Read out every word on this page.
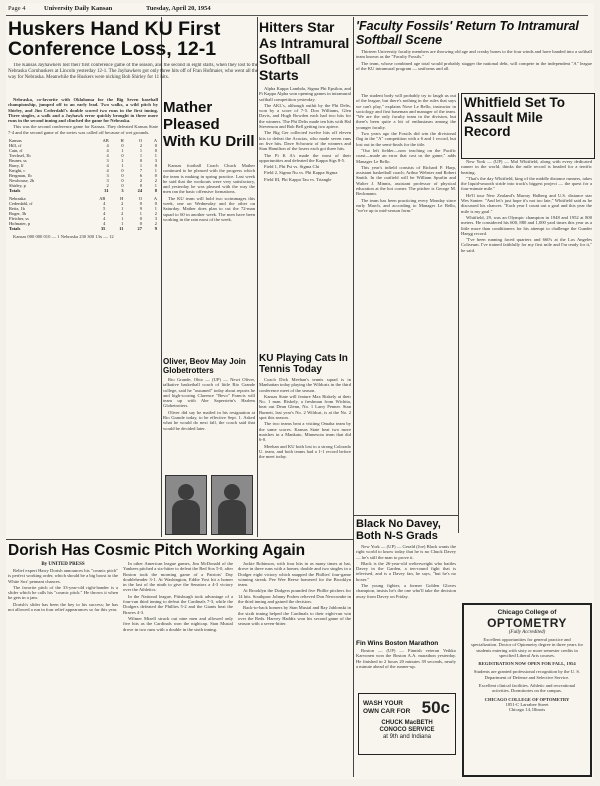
Page 4	University Daily Kansan	Tuesday, April 20, 1954
Huskers Hand KU First Conference Loss, 12-1

The Kansas Jayhawkers lost their first conference game of the season, and the second in eight starts, when they lost to the Nebraska Cornhuskers at Lincoln yesterday 12-1. The Jayhawkers got only three hits off of Fran Hofmaier, who went all the way for Nebraska. Meanwhile the Huskers were nicking Bob Shirley for 11 hits.

Nebraska, co-favorite with Oklahoma for the Big Seven baseball championship, jumped off to an early lead. Two walks, a wild pitch by Shirley, and Jim Cederdahl's double scored two runs in the first inning. Three singles, a walk and a Jayhawk error quickly brought in three more runs in the second inning and clinched the game for Nebraska.

This was the second conference game for Kansas. They defeated Kansas State 7-4 and the second game of the series was called off because of wet grounds.

Kansas	AB	H	O	A
Hill, cf	4	0	2	0
Cain, rf	4	1	1	0
Trechsel, 3b	4	0	1	1
Bruner, ss	3	1	0	3
Barry, lf	4	1	1	0
Knight, c	4	0	7	1
Bergman, 1b	3	0	6	0
Newhouse, 2b	3	0	2	2
Shirley, p	2	0	0	1
Totals	31	3	24	8
Nebraska	AB	H	O	A
Cederdahl, cf	4	2	0	0
Reitz, 1b	5	1	9	1
Boger, 3b	4	2	1	2
Fletcher, ss	4	1	0	3
Hofmaier, p	4	1	0	2
Totals	35	11	27	9

Kansas 000 000 010 — 1 Nebraska 230 300 13x — 12

Mather Pleased With KU Drill

Kansas football Coach Chuck Mather continued to be pleased with the progress which the team is making in spring practice. Last week he said that the workouts were very satisfactory, and yesterday he was pleased with the way the men ran the basic offensive formations.

The KU team will hold two scrimmages this week, one on Wednesday and the other on Saturday. Mather does plan to cut the 72-man squad to 60 in another week. The men have been working in the rain most of the week.

Oliver, Beov May Join Globetrotters

Rio Grande, Ohio — (UP) — Newt Oliver, talkative basketball coach of little Rio Grande college, said he "assumed" today about reports he and high-scoring Clarence "Bevo" Francis will team up with Abe Saperstein's Harlem Globetrotters.

Oliver did say he mailed in his resignation at Rio Grande today, to be effective Sept. 1. Asked what he would do next fall, the coach said that would be decided later.

Hitters Star As Intramural Softball Starts

Alpha Kappa Lambda, Sigma Phi Epsilon, and Pi Kappa Alpha won opening games in intramural softball competition yesterday.

The AKL's, although outhit by the Phi Delts, won by a score of 7-5. Don Williams, Glen Davis, and Hugh Bowden each had two hits for the winners. The Phi Delts made ten hits with Hal Stevenson and Bob Bell getting two apiece.

The Big Ger collected twelve hits off eleven hits to defeat the Acacias, who made seven runs on five hits. Dave Schwartz of the winners and Stan Hamilton of the losers each got three hits.

The Pi K A's made the most of their opportunities and defeated the Kappa Sigs 8-5.

Field 1, Phi Psi vs. Sigma Chi

Field 2, Sigma Nu vs. Phi Kappa Sigma

Field III, Phi Kappa Tau vs. Triangle

KU Playing Cats In Tennis Today

Coach Dick Meehan's tennis squad is in Manhattan today playing the Wildcats in the third conference meet of the season.

Kansas State will feature Max Riskely at their No. 1 man. Riskely, a freshman from Wichita, beat out Dean Glenn, No. 1 Larry Penner. Stan Burnett, last year's No. 2 Wildcat, is at the No. 2 spot this season.

The two teams beat a visiting Omaha team by the same scores. Kansas State beat two more matches in a Mankato, Minnesota team that did 6-0.

Meehan and KU both lost to a strong Colorado U. team, and both teams had a 1-1 record before the meet today.

'Faculty Fossils' Return To Intramural Softball Scene

Thirteen University faculty members are throwing old age and creaky bones to the four winds and have banded into a softball team known as the "Faculty Fossils."

The team, whose combined age total would probably stagger the national debt, will compete in the independent "A" league of the KU intramural program — uniforms and all.

The student body will probably try to laugh us out of the league, but there's nothing in the rules that says we can't play," explains Nove Le Bello, instructor in sociology and first baseman and manager of the team. "We are the only faculty team in the division, but there's been quite a bit of enthusiasm among the younger faculty.

Two years ago the Fossils did win the divisional flag in the "A" competition with a 6 and 1 record, but lost out in the semi-finals for the title.

"Our left fielder—now teaching on the Pacific coast—made an error that cost us the game," adds Manager Le Bello.

This year's infield consists of Richard P. Harp, assistant basketball coach; Arthur Webster and Robert Smith. In the outfield will be William Spurlin and Walter J. Minnis, assistant professor of physical education at the hot corner. The pitcher is George M. Beckmann.

The team has been practicing every Monday since early March, and according to Manager Le Bello, "we're up to mid-season form."

Whitfield Set To Assault Mile Record

New York — (UP) — Mal Whitfield, along with every dedicated runner in the world, thinks the mile record is headed for a terrific beating.

"That's the day Whitfield, king of the middle distance runners, takes the liquid-smooth stride into track's biggest project — the quest for a four-minute mile."

He'll tour New Zealand's Murray Halberg and U.S. distance star Wes Santee. "And let's just hope it's not too late," Whitfield said as he discussed his chances. "Each year I count out a goal and this year the mile is my goal."

Whitfield, 29, was an Olympic champion in 1948 and 1952 at 800 meters. He considered his 600, 880 and 1,000 yard times this year as a little more than conditioners for his attempt to challenge the Gunder Haegg record.

"I've been running faced quarters and 660's at the Los Angeles Coliseum. I've trained faithfully for my first mile and I'm ready for it," he said.

Dorish Has Cosmic Pitch Working Again
By UNITED PRESS

Relief expert Harry Dorish announces his "cosmic pitch" is perfect working order, which should be a big boost to the White Sox' pennant chances.

The favorite pitch of the 33-year-old right-hander is a slider which he calls his "cosmic pitch." He throws it when he gets in a jam.

Dorish's slider has been the key to his success; he has not allowed a run in four relief appearances so far this year.

In other American league games, Jim McDonald of the Yankees pitched a six-hitter to defeat the Red Sox 5-0, after Boston took the morning game of a Patriots' Day doubleheader 3-1. At Washington, Eddie Yost hit a homer in the last of the ninth to give the Senators a 4-3 victory over the Athletics.

In the National league, Pittsburgh took advantage of a four-run third inning to defeat the Cardinals 7-3, while the Dodgers defeated the Phillies 5-2 and the Giants beat the Braves 4-3.

Wilmer Mizell struck out nine men and allowed only five hits as the Cardinals won the nightcap. Stan Musial drove in two runs with a double in the sixth inning.

Jackie Robinson, with four hits in as many times at bat, drove in three runs with a homer, double and two singles in a Dodger eight victory which snapped the Phillies' four-game winning streak. Pee Wee Reese homered for the Brooklyn team.

At Brooklyn the Dodgers pounded five Phillie pitchers for 14 hits. Southpaw Johnny Podres relieved Don Newcombe in the third inning and gained the decision.

Back-to-back homers by Stan Musial and Ray Jablonski in the sixth inning helped the Cardinals to their eight-run win over the Reds. Harvey Haddix won his second game of the season with a seven-hitter.

Black No Davey, Both N-S Grads

New York — (UP) — Gerald (Joe) Black wants the right world to know today that he is no Chuck Davey — he's still the man to prove it.

Black is the 26-year-old welterweight who battles Davey in the Garden, a ten-round fight that is televised, and is a Davey fan, he says, "but he's no boxer."

The young fighter, a former Golden Gloves champion, insists he's the one who'll take the decision away from Davey on Friday.

Fin Wins Boston Marathon

Boston — (UP) — Finnish veteran Veikko Karvonen won the Boston A.A. marathon yesterday. He finished in 2 hours 20 minutes 39 seconds, nearly a minute ahead of the runner-up.

WASH YOUR
OWN CAR FOR 50c
CHUCK MacBETH
CONOCO SERVICE
at 9th and Indiana
Chicago College of
OPTOMETRY
(Fully Accredited)
Excellent opportunities for general practice and specialization. Doctor of Optometry degree in three years for students entering with sixty or more semester credits in specified Liberal Arts courses.
REGISTRATION NOW OPEN FOR FALL, 1954
Students are granted professional recognition by the U. S. Department of Defense and Selective Service.
Excellent clinical facilities. Athletic and recreational activities. Dormitories on the campus.
CHICAGO COLLEGE OF OPTOMETRY
1851-C Larrabee Street
Chicago 14, Illinois
